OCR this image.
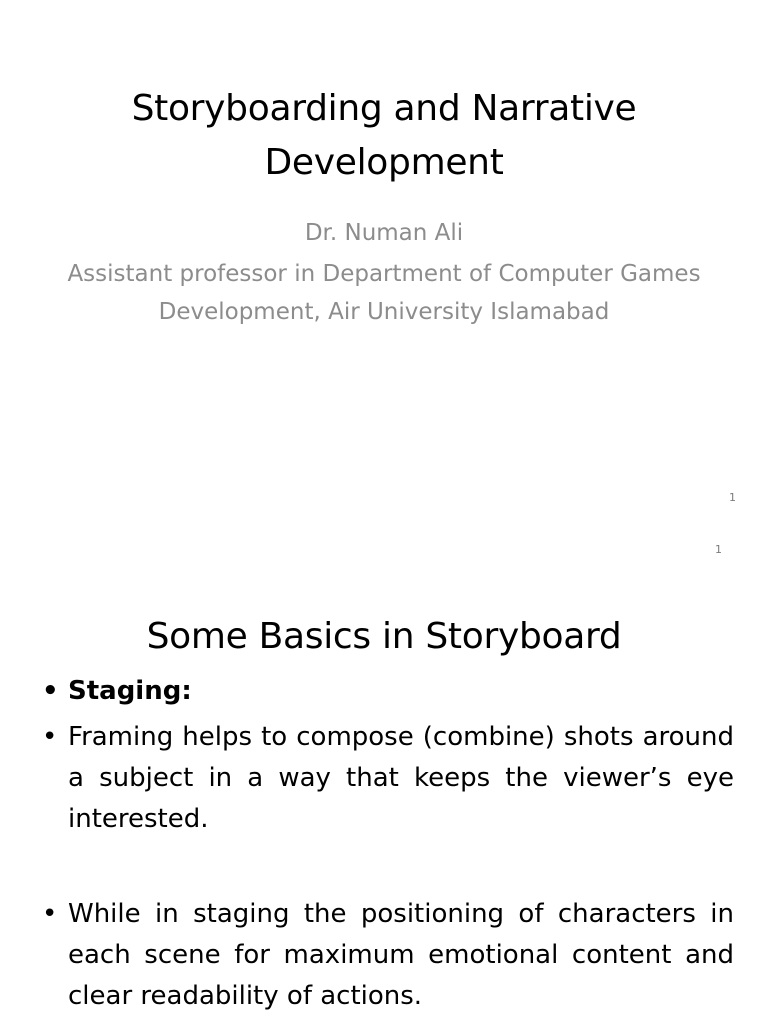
Storyboarding and Narrative
Development
Dr. Numan Ali
Assistant professor in Department of Computer Games
Development, Air University Islamabad
1
1
Some Basics in Storyboard
• Staging:
• Framing helps to compose (combine) shots around a subject in a way that keeps the viewer’s eye interested.
• While in staging the positioning of characters in each scene for maximum emotional content and clear readability of actions.
